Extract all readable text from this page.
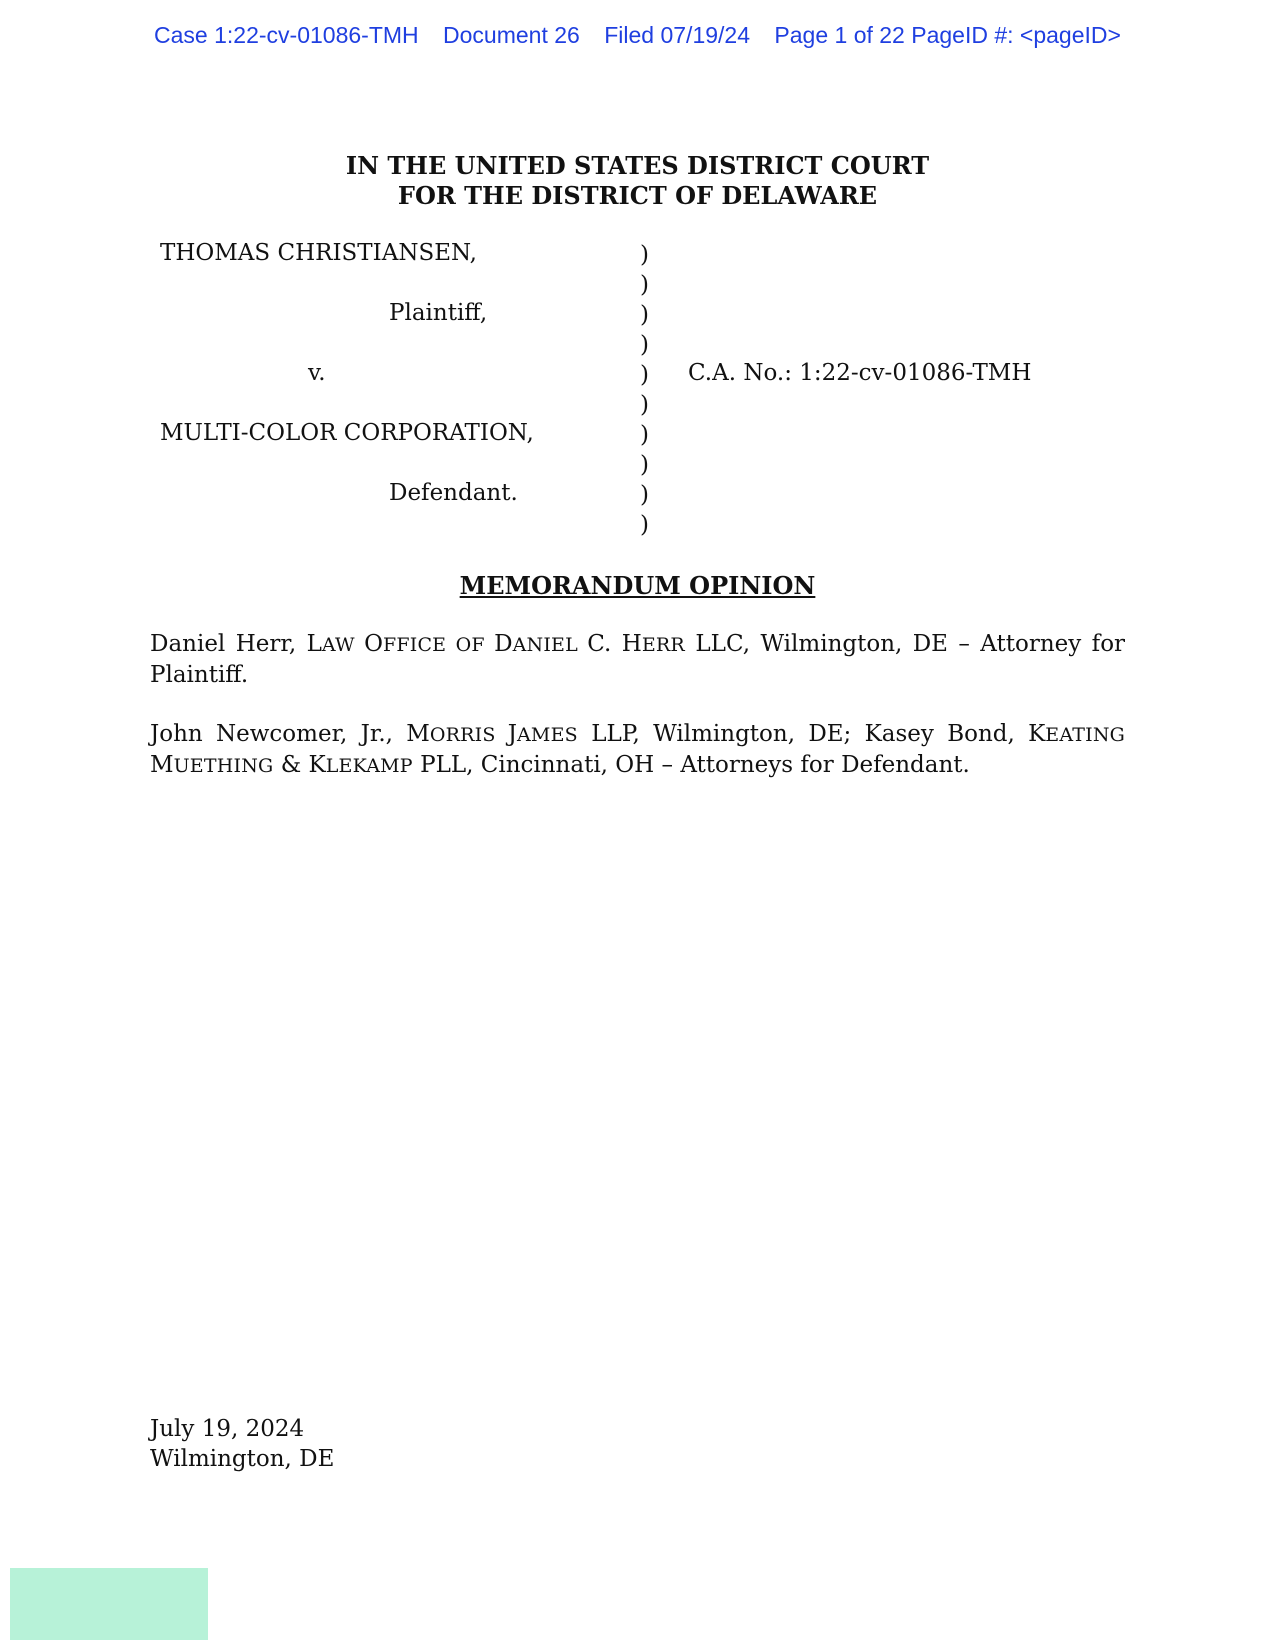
Case 1:22-cv-01086-TMH Document 26 Filed 07/19/24 Page 1 of 22 PageID #: <pageID>
IN THE UNITED STATES DISTRICT COURT
FOR THE DISTRICT OF DELAWARE
THOMAS CHRISTIANSEN,
Plaintiff,
v.
MULTI-COLOR CORPORATION,
Defendant.
)
)
)
)
)
)
)
)
)
)
C.A. No.: 1:22-cv-01086-TMH
MEMORANDUM OPINION
Daniel Herr, LAW OFFICE OF DANIEL C. HERR LLC, Wilmington, DE – Attorney for Plaintiff.
John Newcomer, Jr., MORRIS JAMES LLP, Wilmington, DE; Kasey Bond, KEATING MUETHING & KLEKAMP PLL, Cincinnati, OH – Attorneys for Defendant.
July 19, 2024
Wilmington, DE
